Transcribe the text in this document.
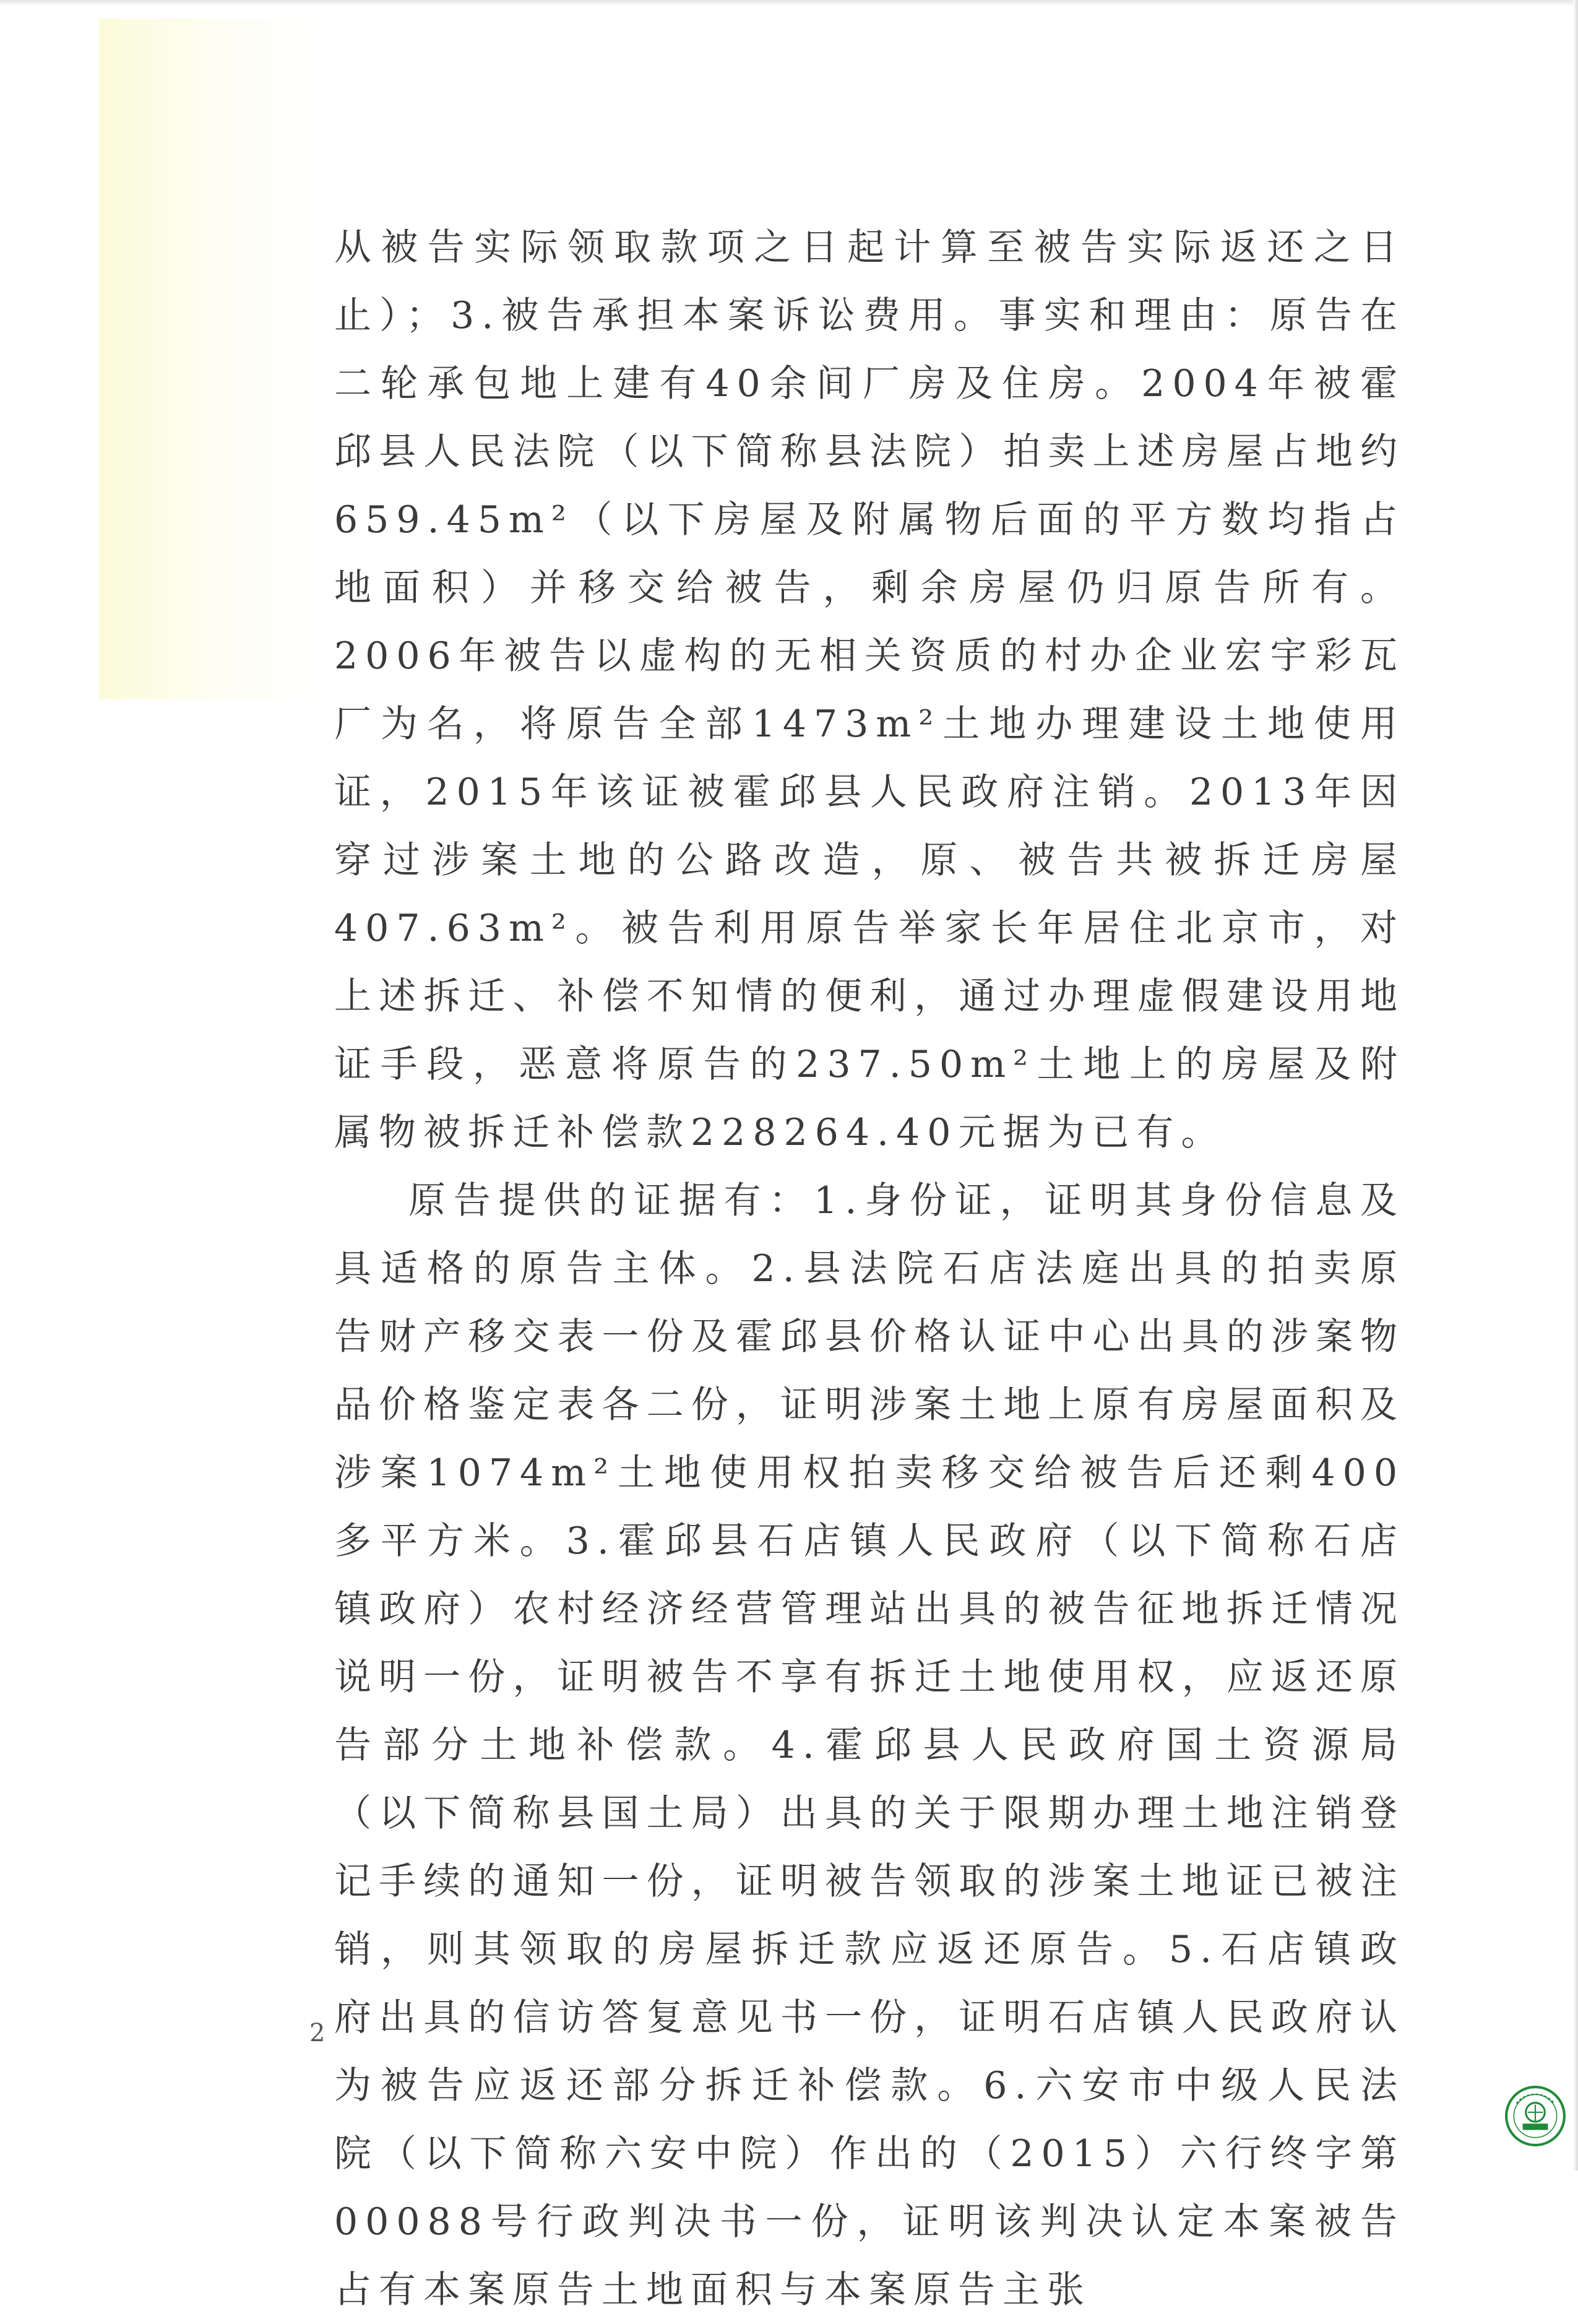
从被告实际领取款项之日起计算至被告实际返还之日止）；3.被告承担本案诉讼费用。事实和理由：原告在二轮承包地上建有40余间厂房及住房。2004年被霍邱县人民法院（以下简称县法院）拍卖上述房屋占地约659.45m²（以下房屋及附属物后面的平方数均指占地面积）并移交给被告，剩余房屋仍归原告所有。2006年被告以虚构的无相关资质的村办企业宏宇彩瓦厂为名，将原告全部1473m²土地办理建设土地使用证，2015年该证被霍邱县人民政府注销。2013年因穿过涉案土地的公路改造，原、被告共被拆迁房屋407.63m²。被告利用原告举家长年居住北京市，对上述拆迁、补偿不知情的便利，通过办理虚假建设用地证手段，恶意将原告的237.50m²土地上的房屋及附属物被拆迁补偿款228264.40元据为已有。

原告提供的证据有：1.身份证，证明其身份信息及具适格的原告主体。2.县法院石店法庭出具的拍卖原告财产移交表一份及霍邱县价格认证中心出具的涉案物品价格鉴定表各二份，证明涉案土地上原有房屋面积及涉案1074m²土地使用权拍卖移交给被告后还剩400多平方米。3.霍邱县石店镇人民政府（以下简称石店镇政府）农村经济经营管理站出具的被告征地拆迁情况说明一份，证明被告不享有拆迁土地使用权，应返还原告部分土地补偿款。4.霍邱县人民政府国土资源局（以下简称县国土局）出具的关于限期办理土地注销登记手续的通知一份，证明被告领取的涉案土地证已被注销，则其领取的房屋拆迁款应返还原告。5.石店镇政府出具的信访答复意见书一份，证明石店镇人民政府认为被告应返还部分拆迁补偿款。6.六安市中级人民法院（以下简称六安中院）作出的（2015）六行终字第00088号行政判决书一份，证明该判决认定本案被告占有本案原告土地面积与本案原告主张

2
